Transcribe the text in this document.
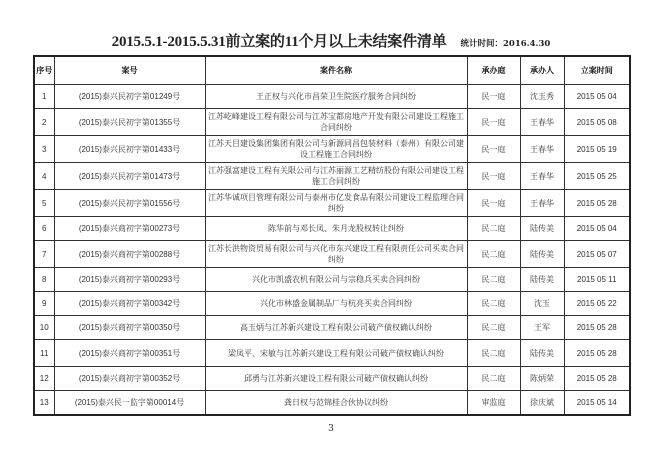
2015.5.1-2015.5.31前立案的11个月以上未结案件清单 统计时间：2016.4.30
序号	案号	案件名称	承办庭	承办人	立案时间
1	(2015)泰兴民初字第01249号	王正权与兴化市昌荣卫生院医疗服务合同纠纷	民一庭	沈玉秀	2015 05 04
2	(2015)泰兴民初字第01355号	江苏屹峰建设工程有限公司与江苏宝都房地产开发有限公司建设工程施工合同纠纷	民一庭	王春华	2015 05 08
3	(2015)泰兴民初字第01433号	江苏天目建设集团集团有限公司与新源同昌包装材料（泰州）有限公司建设工程施工合同纠纷	民一庭	王春华	2015 05 19
4	(2015)泰兴民初字第01473号	江苏强富建设工程有关限公司与江苏丽源工艺精纺股份有限公司建设工程施工合同纠纷	民一庭	王春华	2015 05 25
5	(2015)泰兴民初字第01556号	江苏华诚项目管理有限公司与泰州市亿发食品有限公司建设工程监理合同纠纷	民一庭	王春华	2015 05 28
6	(2015)泰兴商初字第00273号	陈华前与邓长凤、朱月龙股权转让纠纷	民二庭	陆传美	2015 05 04
7	(2015)泰兴商初字第00288号	江苏长洪物资贸易有限公司与兴化市东兴建设工程有限责任公司买卖合同纠纷	民二庭	陆传美	2015 05 07
8	(2015)泰兴商初字第00293号	兴化市凯盛农机有限公司与宗稳兵买卖合同纠纷	民二庭	陆传美	2015 05 11
9	(2015)泰兴商初字第00342号	兴化市林盛金属制品厂与杭亮买卖合同纠纷	民二庭	沈玉	2015 05 22
10	(2015)泰兴商初字第00350号	高玉炳与江苏新兴建设工程有限公司破产债权确认纠纷	民二庭	王军	2015 05 28
11	(2015)泰兴商初字第00351号	梁凤平、宋敏与江苏新兴建设工程有限公司破产债权确认纠纷	民二庭	陆传美	2015 05 28
12	(2015)泰兴商初字第00352号	邱勇与江苏新兴建设工程有限公司破产债权确认纠纷	民二庭	陈炳荣	2015 05 28
13	(2015)泰兴民一监字第00014号	龚日权与范锦桂合伙协议纠纷	审监庭	徐庆斌	2015 05 14
3
